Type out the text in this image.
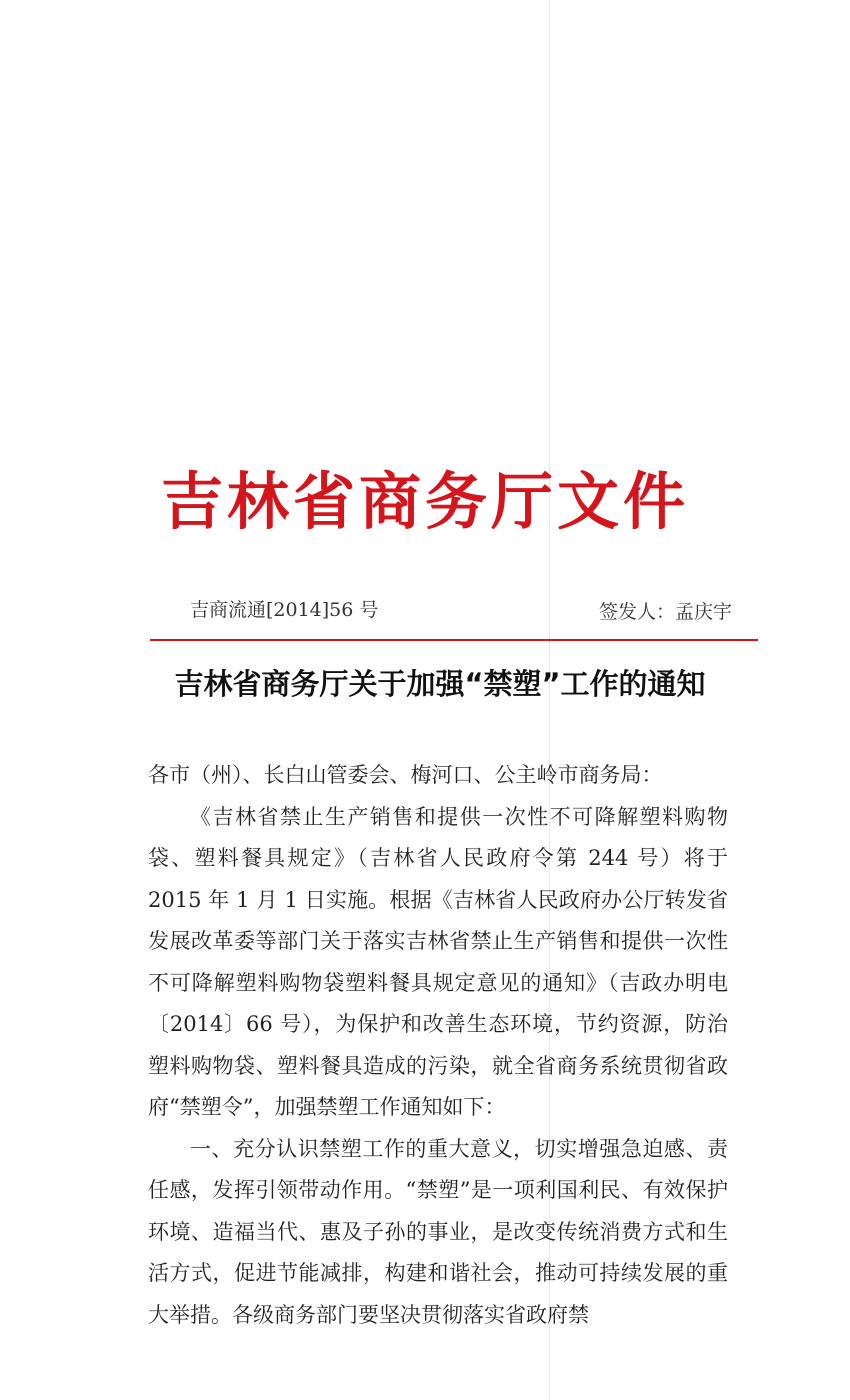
吉林省商务厅文件
吉商流通[2014]56 号	签发人：孟庆宇
吉林省商务厅关于加强“禁塑”工作的通知

各市（州）、长白山管委会、梅河口、公主岭市商务局：

《吉林省禁止生产销售和提供一次性不可降解塑料购物袋、塑料餐具规定》（吉林省人民政府令第 244 号）将于 2015 年 1 月 1 日实施。根据《吉林省人民政府办公厅转发省发展改革委等部门关于落实吉林省禁止生产销售和提供一次性不可降解塑料购物袋塑料餐具规定意见的通知》（吉政办明电〔2014〕66 号），为保护和改善生态环境，节约资源，防治塑料购物袋、塑料餐具造成的污染，就全省商务系统贯彻省政府“禁塑令”，加强禁塑工作通知如下：

一、充分认识禁塑工作的重大意义，切实增强急迫感、责任感，发挥引领带动作用。“禁塑”是一项利国利民、有效保护环境、造福当代、惠及子孙的事业，是改变传统消费方式和生活方式，促进节能减排，构建和谐社会，推动可持续发展的重大举措。各级商务部门要坚决贯彻落实省政府禁
